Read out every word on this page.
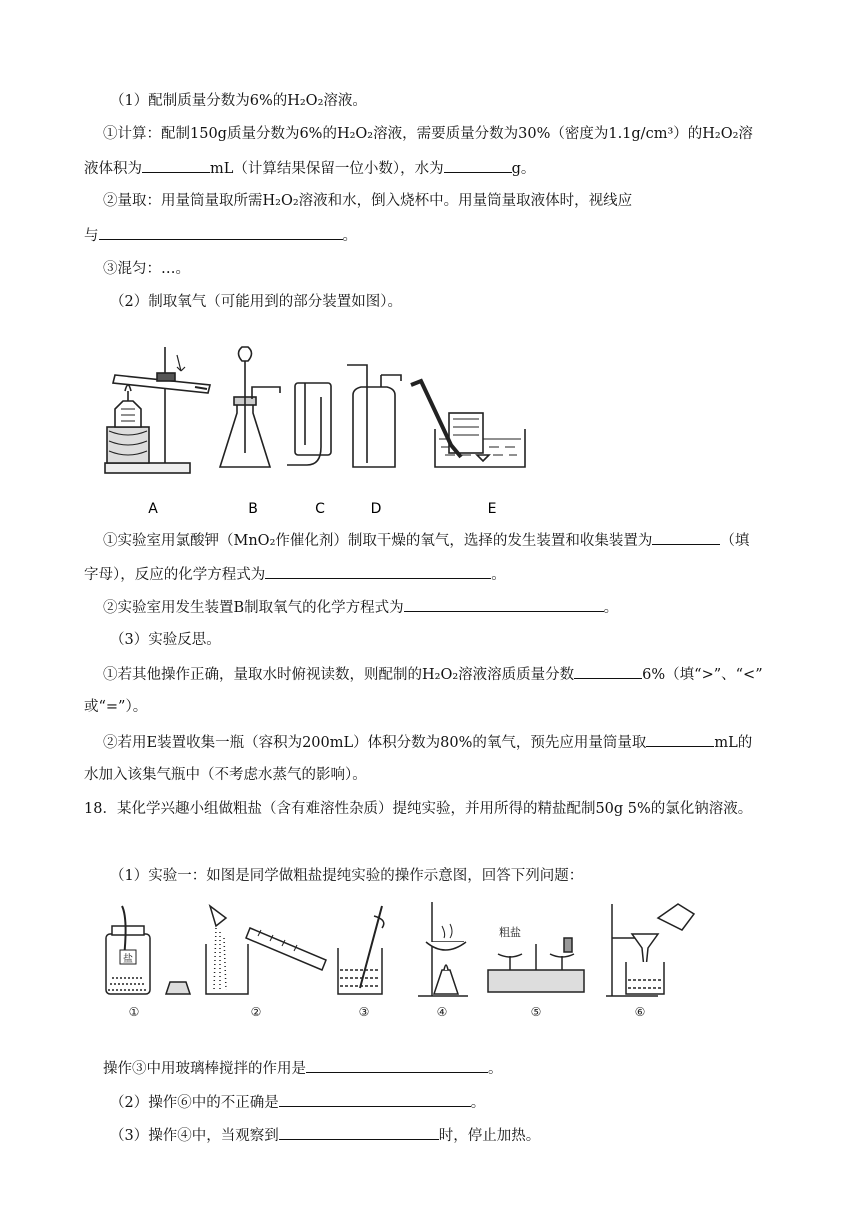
（1）配制质量分数为6%的H₂O₂溶液。
①计算：配制150g质量分数为6%的H₂O₂溶液，需要质量分数为30%（密度为1.1g/cm³）的H₂O₂溶
液体积为	mL（计算结果保留一位小数），水为	g。
②量取：用量筒量取所需H₂O₂溶液和水，倒入烧杯中。用量筒量取液体时，视线应
与	。
③混匀：…。
（2）制取氧气（可能用到的部分装置如图）。
A	B	C	D	E
①实验室用氯酸钾（MnO₂作催化剂）制取干燥的氧气，选择的发生装置和收集装置为	（填
字母），反应的化学方程式为	。
②实验室用发生装置B制取氧气的化学方程式为	。
（3）实验反思。
①若其他操作正确，量取水时俯视读数，则配制的H₂O₂溶液溶质质量分数	6%（填“>”、“<”
或“=”）。
②若用E装置收集一瓶（容积为200mL）体积分数为80%的氧气，预先应用量筒量取	mL的
水加入该集气瓶中（不考虑水蒸气的影响）。
18．某化学兴趣小组做粗盐（含有难溶性杂质）提纯实验，并用所得的精盐配制50g 5%的氯化钠溶液。
（1）实验一：如图是同学做粗盐提纯实验的操作示意图，回答下列问题：
盐
粗盐
①	②	③	④	⑤	⑥
操作③中用玻璃棒搅拌的作用是	。
（2）操作⑥中的不正确是	。
（3）操作④中，当观察到	时，停止加热。
